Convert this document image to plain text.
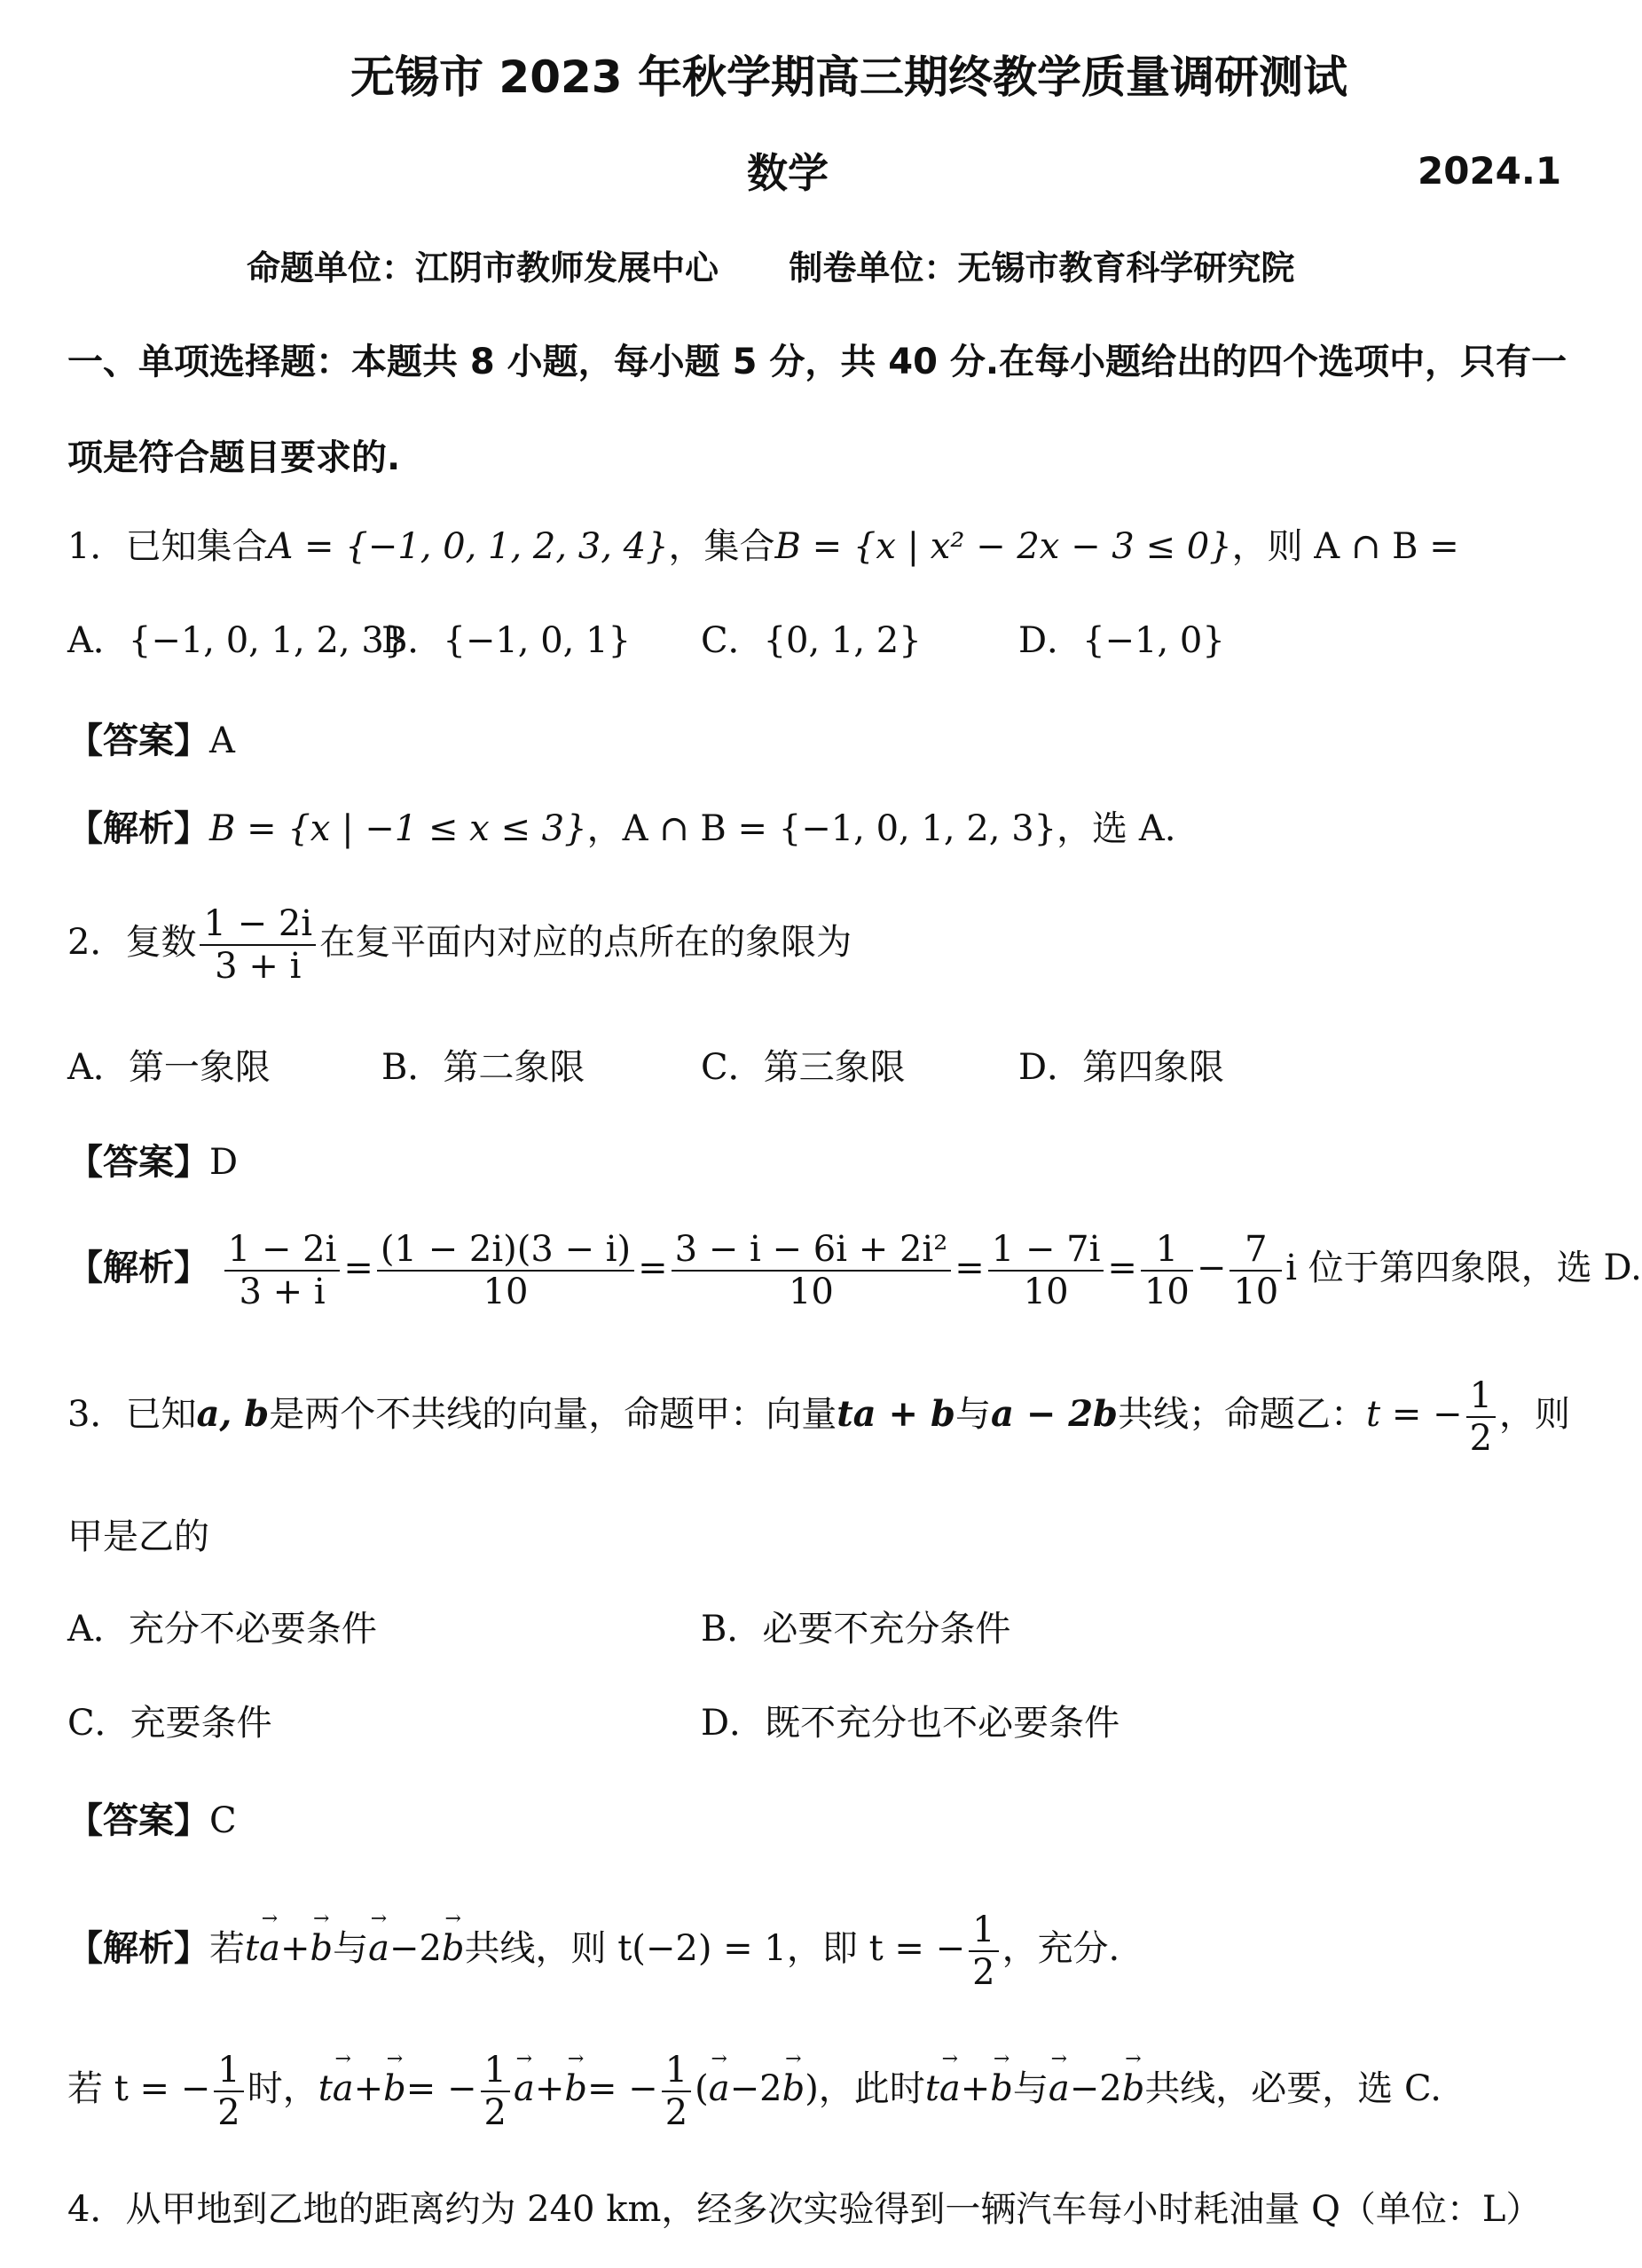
无锡市 2023 年秋学期高三期终教学质量调研测试
数学	2024.1
命题单位：江阴市教师发展中心      制卷单位：无锡市教育科学研究院
一、单项选择题：本题共 8 小题，每小题 5 分，共 40 分.在每小题给出的四个选项中，只有一
项是符合题目要求的.
1．已知集合A = {−1, 0, 1, 2, 3, 4}，集合B = {x | x² − 2x − 3 ≤ 0}，则 A ∩ B =
A．{−1, 0, 1, 2, 3}
B．{−1, 0, 1} C．{0, 1, 2}	D．{−1, 0}
【答案】A
【解析】B = {x | −1 ≤ x ≤ 3}，A ∩ B = {−1, 0, 1, 2, 3}，选 A.
2．复数 $\frac{1 - 2i}{3 + i}$ 在复平面内对应的点所在的象限为
A．第一象限	B．第二象限	C．第三象限	D．第四象限
【答案】D
【解析】 $\frac{1 - 2i}{3 + i} = \frac{(1 - 2i)(3 - i)}{10} = \frac{\text{3 − i − 6i + 2i²}}{10} = \frac{1 - 7i}{10} = \frac{1}{10} - \frac{7}{10}$ i 位于第四象限，选 D.
3．已知a, b是两个不共线的向量，命题甲：向量ta + b与a − 2b共线；命题乙：t = − $\frac{1}{2}$ ，则
甲是乙的
A．充分不必要条件	B．必要不充分条件
C．充要条件	D．既不充分也不必要条件
【答案】C
【解析】若t→ a+→ b与→ a−2→ b共线，则 t(−2) = 1，即 t = − $\frac{1}{2}$ ，充分.
若 t = − $\frac{1}{2}$ 时，$t\to a+\to b= - \frac{1}{2}$
→ $a+\to b= - \frac{1}{2}$ (→ a−2→ b)，此时t→ a+→ b与→ a−2→ b共线，必要，选 C.
4．从甲地到乙地的距离约为 240 km，经多次实验得到一辆汽车每小时耗油量 Q（单位：L）
